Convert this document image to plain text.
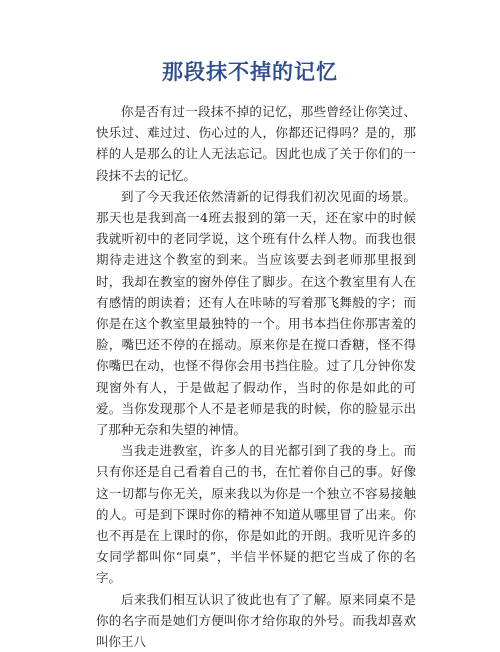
那段抹不掉的记忆

你是否有过一段抹不掉的记忆，那些曾经让你笑过、快乐过、难过过、伤心过的人，你都还记得吗？是的，那样的人是那么的让人无法忘记。因此也成了关于你们的一段抹不去的记忆。

到了今天我还依然清新的记得我们初次见面的场景。那天也是我到高一4班去报到的第一天，还在家中的时候我就听初中的老同学说，这个班有什么样人物。而我也很期待走进这个教室的到来。当应该要去到老师那里报到时，我却在教室的窗外停住了脚步。在这个教室里有人在有感情的朗读着；还有人在咔哧的写着那飞舞般的字；而你是在这个教室里最独特的一个。用书本挡住你那害羞的脸，嘴巴还不停的在摇动。原来你是在搅口香糖，怪不得你嘴巴在动，也怪不得你会用书挡住脸。过了几分钟你发现窗外有人，于是做起了假动作，当时的你是如此的可爱。当你发现那个人不是老师是我的时候，你的脸显示出了那种无奈和失望的神情。

当我走进教室，许多人的目光都引到了我的身上。而只有你还是自己看着自己的书，在忙着你自己的事。好像这一切都与你无关，原来我以为你是一个独立不容易接触的人。可是到下课时你的精神不知道从哪里冒了出来。你也不再是在上课时的你，你是如此的开朗。我听见许多的女同学都叫你“同桌”，半信半怀疑的把它当成了你的名字。

后来我们相互认识了彼此也有了了解。原来同桌不是你的名字而是她们方便叫你才给你取的外号。而我却喜欢叫你王八
